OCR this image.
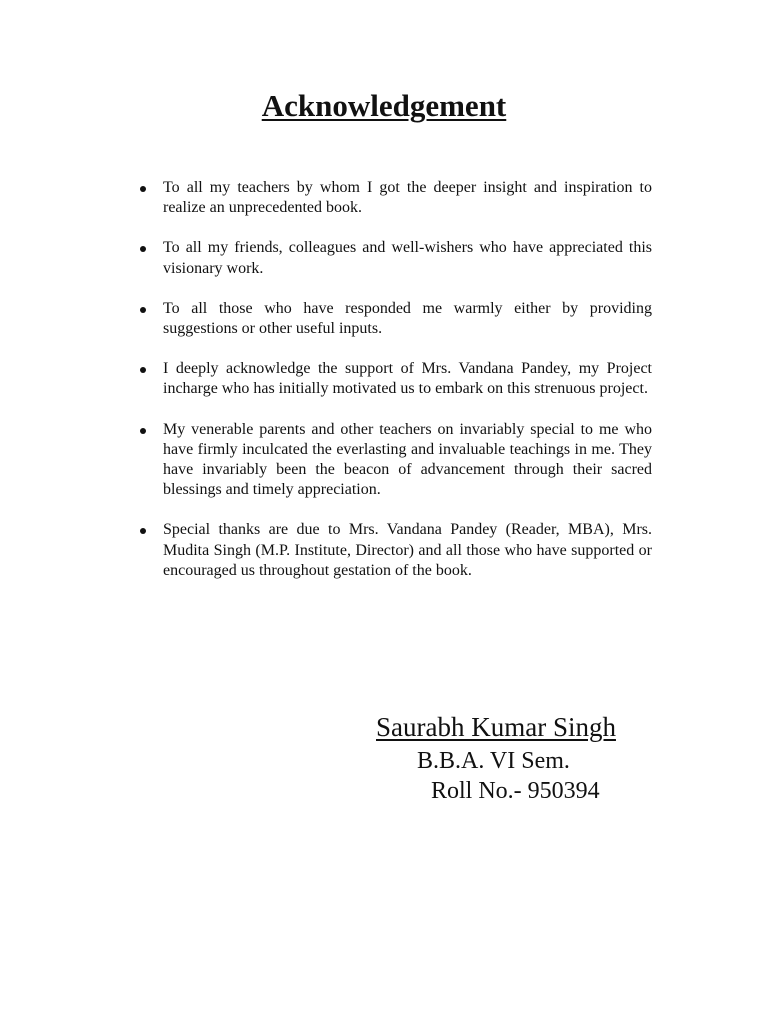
Acknowledgement
To all my teachers by whom I got the deeper insight and inspiration to realize an unprecedented book.
To all my friends, colleagues and well-wishers who have appreciated this visionary work.
To all those who have responded me warmly either by providing suggestions or other useful inputs.
I deeply acknowledge the support of Mrs. Vandana Pandey, my Project incharge who has initially motivated us to embark on this strenuous project.
My venerable parents and other teachers on invariably special to me who have firmly inculcated the everlasting and invaluable teachings in me. They have invariably been the beacon of advancement through their sacred blessings and timely appreciation.
Special thanks are due to Mrs. Vandana Pandey (Reader, MBA), Mrs. Mudita Singh (M.P. Institute, Director) and all those who have supported or encouraged us throughout gestation of the book.
Saurabh Kumar Singh
B.B.A. VI Sem.
Roll No.- 950394
